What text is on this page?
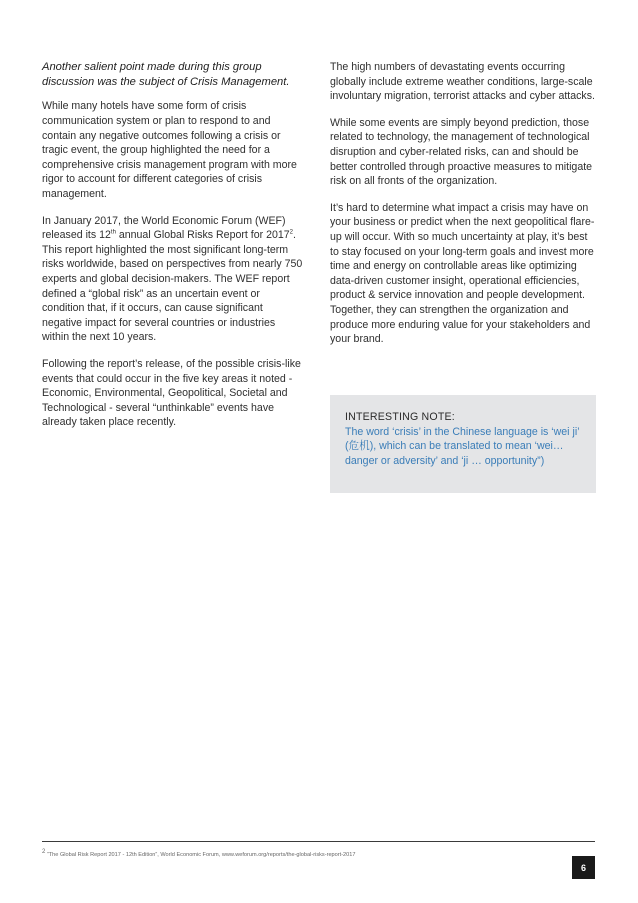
Another salient point made during this group discussion was the subject of Crisis Management.

While many hotels have some form of crisis communication system or plan to respond to and contain any negative outcomes following a crisis or tragic event, the group highlighted the need for a comprehensive crisis management program with more rigor to account for different categories of crisis management.

In January 2017, the World Economic Forum (WEF) released its 12th annual Global Risks Report for 2017$^2$. This report highlighted the most significant long-term risks worldwide, based on perspectives from nearly 750 experts and global decision-makers. The WEF report defined a “global risk” as an uncertain event or condition that, if it occurs, can cause significant negative impact for several countries or industries within the next 10 years.

Following the report’s release, of the possible crisis-like events that could occur in the five key areas it noted - Economic, Environmental, Geopolitical, Societal and Technological - several “unthinkable” events have already taken place recently.

The high numbers of devastating events occurring globally include extreme weather conditions, large-scale involuntary migration, terrorist attacks and cyber attacks.

While some events are simply beyond prediction, those related to technology, the management of technological disruption and cyber-related risks, can and should be better controlled through proactive measures to mitigate risk on all fronts of the organization.

It’s hard to determine what impact a crisis may have on your business or predict when the next geopolitical flare-up will occur. With so much uncertainty at play, it’s best to stay focused on your long-term goals and invest more time and energy on controllable areas like optimizing data-driven customer insight, operational efficiencies, product & service innovation and people development. Together, they can strengthen the organization and produce more enduring value for your stakeholders and your brand.

INTERESTING NOTE:
The word ‘crisis’ in the Chinese language is ‘wei ji’ (危机), which can be translated to mean ‘wei… danger or adversity’ and ‘ji … opportunity”)
$^2$ “The Global Risk Report 2017 - 12th Edition”, World Economic Forum, www.weforum.org/reports/the-global-risks-report-2017
6
